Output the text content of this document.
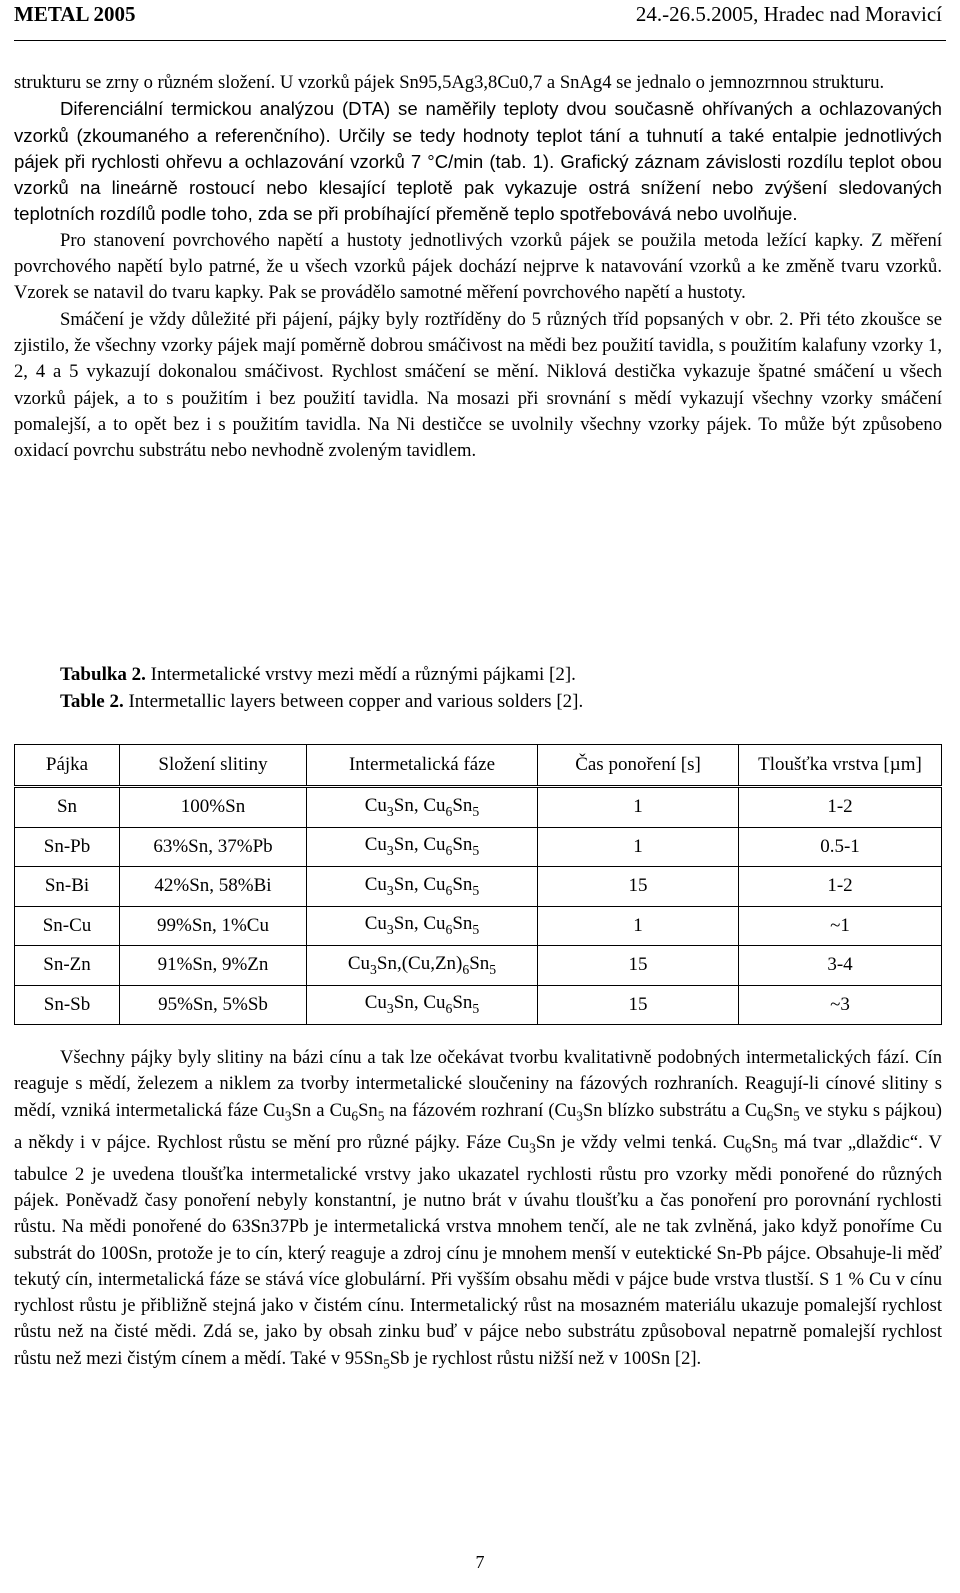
METAL 2005	24.-26.5.2005, Hradec nad Moravicí

strukturu se zrny o různém složení. U vzorků pájek Sn95,5Ag3,8Cu0,7 a SnAg4 se jednalo o jemnozrnnou strukturu.

Diferenciální termickou analýzou (DTA) se naměřily teploty dvou současně ohřívaných a ochlazovaných vzorků (zkoumaného a referenčního). Určily se tedy hodnoty teplot tání a tuhnutí a také entalpie jednotlivých pájek při rychlosti ohřevu a ochlazování vzorků 7 °C/min (tab. 1). Grafický záznam závislosti rozdílu teplot obou vzorků na lineárně rostoucí nebo klesající teplotě pak vykazuje ostrá snížení nebo zvýšení sledovaných teplotních rozdílů podle toho, zda se při probíhající přeměně teplo spotřebovává nebo uvolňuje.

Pro stanovení povrchového napětí a hustoty jednotlivých vzorků pájek se použila metoda ležící kapky. Z měření povrchového napětí bylo patrné, že u všech vzorků pájek dochází nejprve k natavování vzorků a ke změně tvaru vzorků. Vzorek se natavil do tvaru kapky. Pak se provádělo samotné měření povrchového napětí a hustoty.

Smáčení je vždy důležité při pájení, pájky byly roztříděny do 5 různých tříd popsaných v obr. 2. Při této zkoušce se zjistilo, že všechny vzorky pájek mají poměrně dobrou smáčivost na mědi bez použití tavidla, s použitím kalafuny vzorky 1, 2, 4 a 5 vykazují dokonalou smáčivost. Rychlost smáčení se mění. Niklová destička vykazuje špatné smáčení u všech vzorků pájek, a to s použitím i bez použití tavidla. Na mosazi při srovnání s mědí vykazují všechny vzorky smáčení pomalejší, a to opět bez i s použitím tavidla. Na Ni destičce se uvolnily všechny vzorky pájek. To může být způsobeno oxidací povrchu substrátu nebo nevhodně zvoleným tavidlem.

Tabulka 2. Intermetalické vrstvy mezi mědí a různými pájkami [2].
Table 2. Intermetallic layers between copper and various solders [2].
Pájka	Složení slitiny	Intermetalická fáze	Čas ponoření [s]	Tloušťka vrstva [µm]
Sn	100%Sn	$Cu_3Sn$, $Cu_6Sn_5$	1	1-2
Sn-Pb	63%Sn, 37%Pb	$Cu_3Sn$, $Cu_6Sn_5$	1	0.5-1
Sn-Bi	42%Sn, 58%Bi	$Cu_3Sn$, $Cu_6Sn_5$	15	1-2
Sn-Cu	99%Sn, 1%Cu	$Cu_3Sn$, $Cu_6Sn_5$	1	~1
Sn-Zn	91%Sn, 9%Zn	$Cu_3Sn,(Cu,Zn)_6Sn_5$	15	3-4
Sn-Sb	95%Sn, 5%Sb	$Cu_3Sn$, $Cu_6Sn_5$	15	~3

Všechny pájky byly slitiny na bázi cínu a tak lze očekávat tvorbu kvalitativně podobných intermetalických fází. Cín reaguje s mědí, železem a niklem za tvorby intermetalické sloučeniny na fázových rozhraních. Reagují-li cínové slitiny s mědí, vzniká intermetalická fáze $Cu_3Sn$ a $Cu_6Sn_5$ na fázovém rozhraní ($Cu_3Sn$ blízko substrátu a $Cu_6Sn_5$ ve styku s pájkou) a někdy i v pájce. Rychlost růstu se mění pro různé pájky. Fáze $Cu_3Sn$ je vždy velmi tenká. $Cu_6Sn_5$ má tvar „dlaždic“. V tabulce 2 je uvedena tloušťka intermetalické vrstvy jako ukazatel rychlosti růstu pro vzorky mědi ponořené do různých pájek. Poněvadž časy ponoření nebyly konstantní, je nutno brát v úvahu tloušťku a čas ponoření pro porovnání rychlosti růstu. Na mědi ponořené do 63Sn37Pb je intermetalická vrstva mnohem tenčí, ale ne tak zvlněná, jako když ponoříme Cu substrát do 100Sn, protože je to cín, který reaguje a zdroj cínu je mnohem menší v eutektické Sn-Pb pájce. Obsahuje-li měď tekutý cín, intermetalická fáze se stává více globulární. Při vyšším obsahu mědi v pájce bude vrstva tlustší. S 1 % Cu v cínu rychlost růstu je přibližně stejná jako v čistém cínu. Intermetalický růst na mosazném materiálu ukazuje pomalejší rychlost růstu než na čisté mědi. Zdá se, jako by obsah zinku buď v pájce nebo substrátu způsoboval nepatrně pomalejší rychlost růstu než mezi čistým cínem a mědí. Také v $95Sn_5Sb$ je rychlost růstu nižší než v 100Sn [2].

7
